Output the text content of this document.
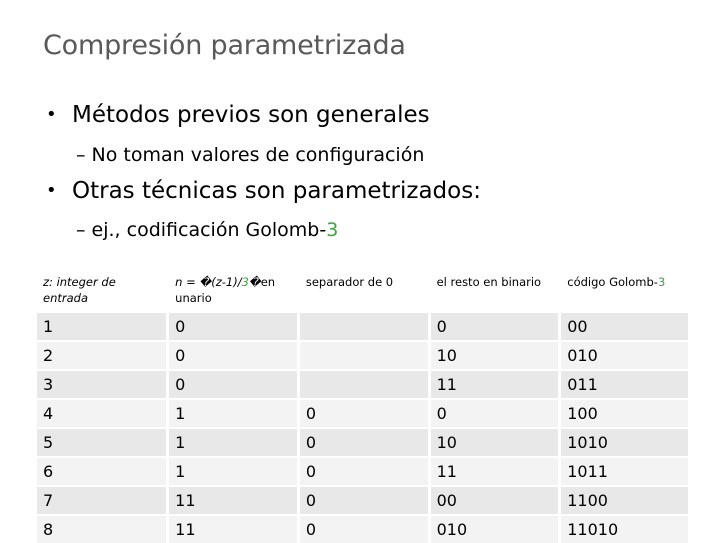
Compresión parametrizada
• Métodos previos son generales
– No toman valores de configuración
• Otras técnicas son parametrizados:
– ej., codificación Golomb-3
z: integer de entrada	n = �(z-1)/3�en unario	separador de 0	el resto en binario	código Golomb-3
1	0		0	00
2	0		10	010
3	0		11	011
4	1	0	0	100
5	1	0	10	1010
6	1	0	11	1011
7	11	0	00	1100
8	11	0	010	11010
